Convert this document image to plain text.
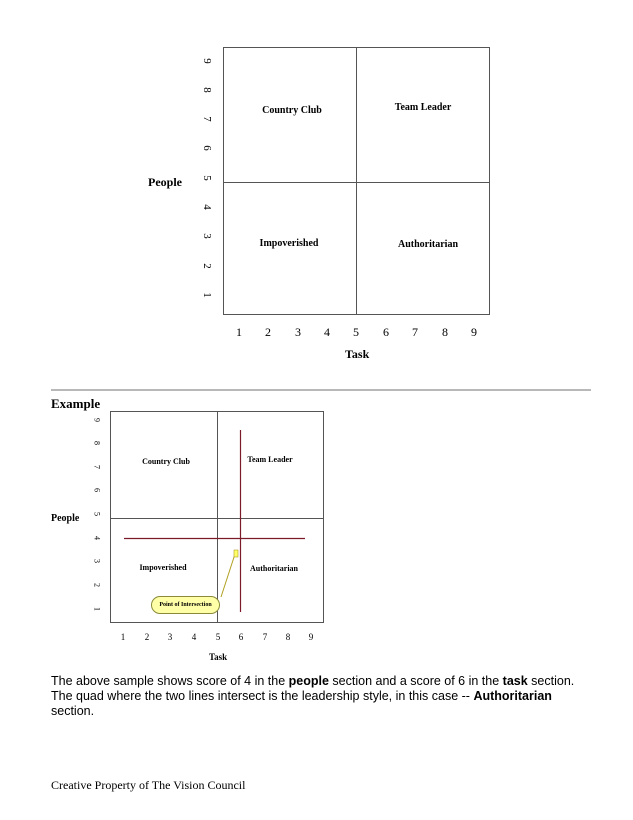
Country Club	Team Leader
Impoverished	Authoritarian
People
Task
9
8
7
6
5
4
3
2
1
1 2 3 4 5 6 7 8 9
Example
Country Club	Team Leader
Impoverished	Authoritarian
Point of Intersection
People
Task
9
8
7
6
5
4
3
2
1
1 2 3 4 5 6 7 8 9

The above sample shows score of 4 in the people section and a score of 6 in the task section. The quad where the two lines intersect is the leadership style, in this case -- Authoritarian section.

Creative Property of The Vision Council
